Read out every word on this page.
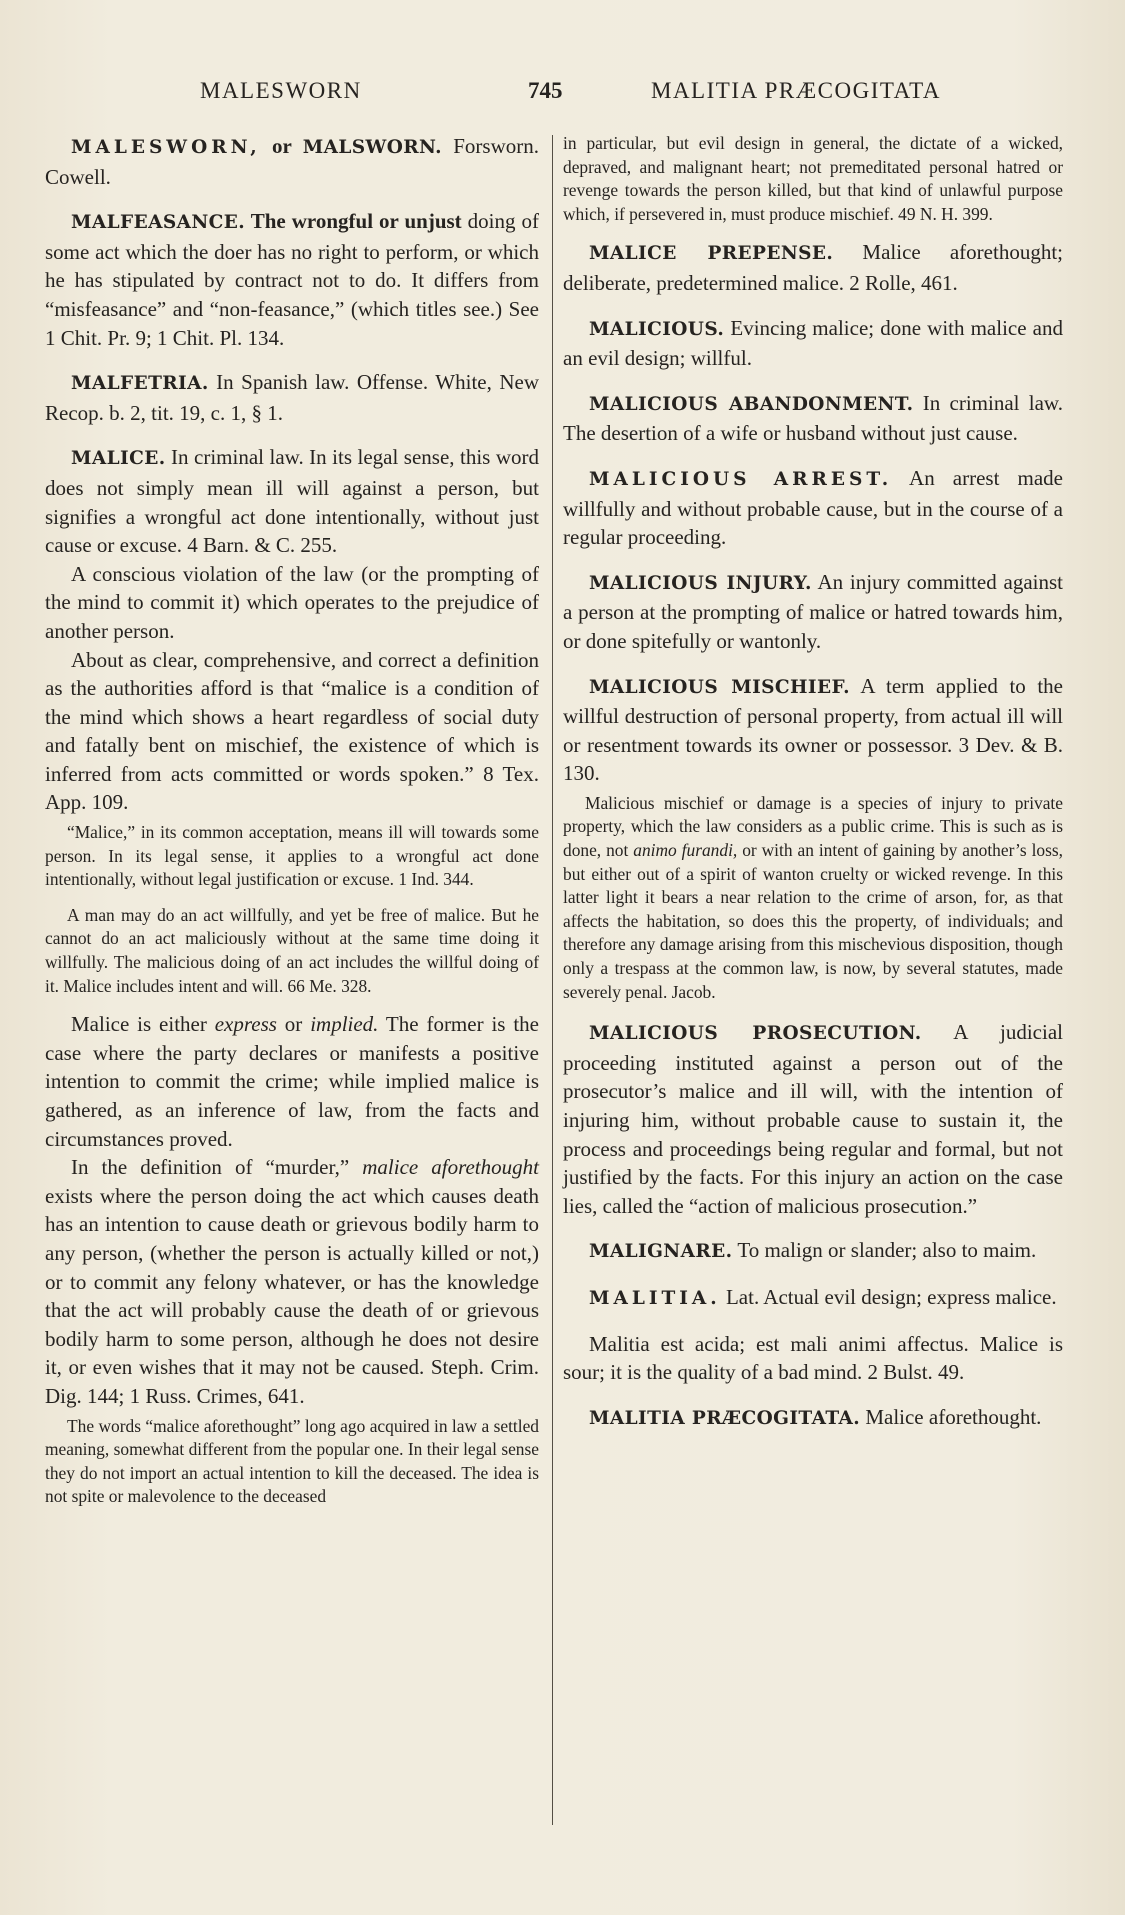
MALESWORN	745	MALITIA PRÆCOGITATA

MALESWORN, or MALSWORN. Forsworn. Cowell.

MALFEASANCE. The wrongful or unjust doing of some act which the doer has no right to perform, or which he has stipulated by contract not to do. It differs from “misfeasance” and “non-feasance,” (which titles see.) See 1 Chit. Pr. 9; 1 Chit. Pl. 134.

MALFETRIA. In Spanish law. Offense. White, New Recop. b. 2, tit. 19, c. 1, § 1.

MALICE. In criminal law. In its legal sense, this word does not simply mean ill will against a person, but signifies a wrongful act done intentionally, without just cause or excuse. 4 Barn. & C. 255.

A conscious violation of the law (or the prompting of the mind to commit it) which operates to the prejudice of another person.

About as clear, comprehensive, and correct a definition as the authorities afford is that “malice is a condition of the mind which shows a heart regardless of social duty and fatally bent on mischief, the existence of which is inferred from acts committed or words spoken.” 8 Tex. App. 109.

“Malice,” in its common acceptation, means ill will towards some person. In its legal sense, it applies to a wrongful act done intentionally, without legal justification or excuse. 1 Ind. 344.

A man may do an act willfully, and yet be free of malice. But he cannot do an act maliciously without at the same time doing it willfully. The malicious doing of an act includes the willful doing of it. Malice includes intent and will. 66 Me. 328.

Malice is either express or implied. The former is the case where the party declares or manifests a positive intention to commit the crime; while implied malice is gathered, as an inference of law, from the facts and circumstances proved.

In the definition of “murder,” malice aforethought exists where the person doing the act which causes death has an intention to cause death or grievous bodily harm to any person, (whether the person is actually killed or not,) or to commit any felony whatever, or has the knowledge that the act will probably cause the death of or grievous bodily harm to some person, although he does not desire it, or even wishes that it may not be caused. Steph. Crim. Dig. 144; 1 Russ. Crimes, 641.

The words “malice aforethought” long ago acquired in law a settled meaning, somewhat different from the popular one. In their legal sense they do not import an actual intention to kill the deceased. The idea is not spite or malevolence to the deceased

in particular, but evil design in general, the dictate of a wicked, depraved, and malignant heart; not premeditated personal hatred or revenge towards the person killed, but that kind of unlawful purpose which, if persevered in, must produce mischief. 49 N. H. 399.

MALICE PREPENSE. Malice aforethought; deliberate, predetermined malice. 2 Rolle, 461.

MALICIOUS. Evincing malice; done with malice and an evil design; willful.

MALICIOUS ABANDONMENT. In criminal law. The desertion of a wife or husband without just cause.

MALICIOUS ARREST. An arrest made willfully and without probable cause, but in the course of a regular proceeding.

MALICIOUS INJURY. An injury committed against a person at the prompting of malice or hatred towards him, or done spitefully or wantonly.

MALICIOUS MISCHIEF. A term applied to the willful destruction of personal property, from actual ill will or resentment towards its owner or possessor. 3 Dev. & B. 130.

Malicious mischief or damage is a species of injury to private property, which the law considers as a public crime. This is such as is done, not animo furandi, or with an intent of gaining by another’s loss, but either out of a spirit of wanton cruelty or wicked revenge. In this latter light it bears a near relation to the crime of arson, for, as that affects the habitation, so does this the property, of individuals; and therefore any damage arising from this mischevious disposition, though only a trespass at the common law, is now, by several statutes, made severely penal. Jacob.

MALICIOUS PROSECUTION. A judicial proceeding instituted against a person out of the prosecutor’s malice and ill will, with the intention of injuring him, without probable cause to sustain it, the process and proceedings being regular and formal, but not justified by the facts. For this injury an action on the case lies, called the “action of malicious prosecution.”

MALIGNARE. To malign or slander; also to maim.

MALITIA. Lat. Actual evil design; express malice.

Malitia est acida; est mali animi affectus. Malice is sour; it is the quality of a bad mind. 2 Bulst. 49.

MALITIA PRÆCOGITATA. Malice aforethought.
